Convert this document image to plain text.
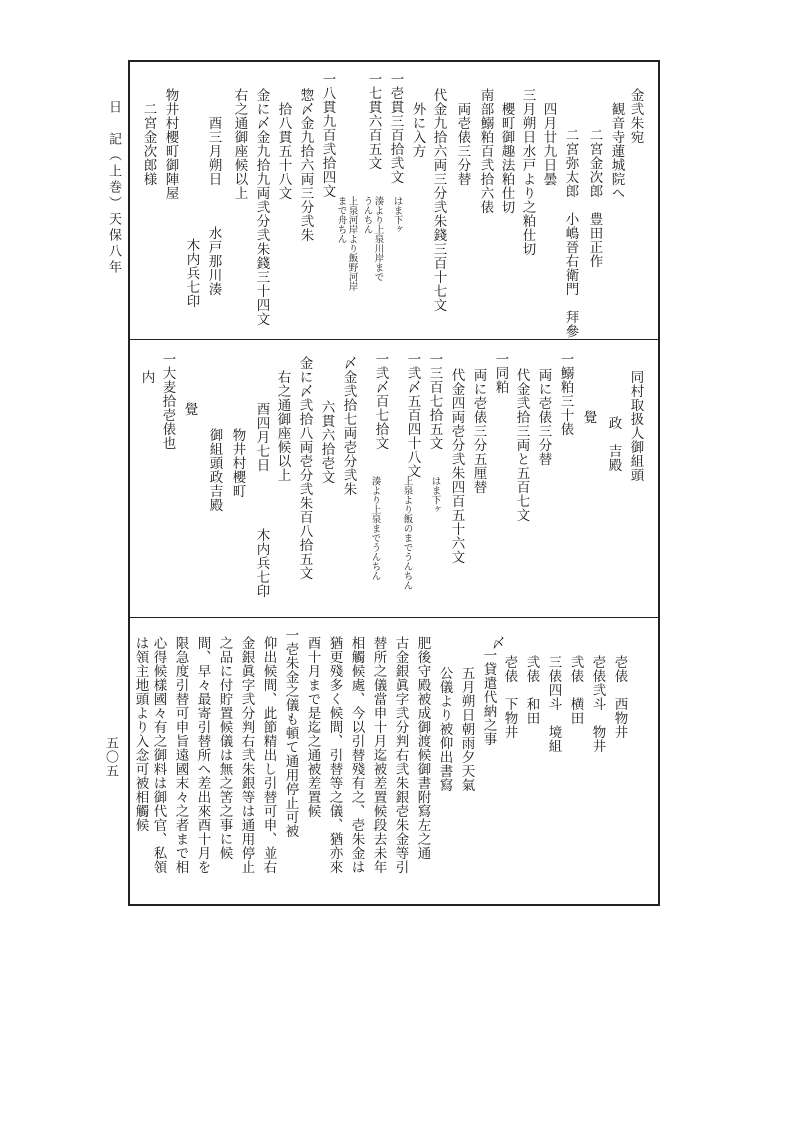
日　記（上巻）天保八年
五〇五
金弐朱宛
観音寺蓮城院へ
二宮金次郎　豊田正作
二宮弥太郎　小嶋晉右衛門　拜參
四月廿九日曇
三月朔日水戸より之粕仕切
櫻町御趣法粕仕切
南部鰯粕百弐拾六俵
両壱俵三分替
代金九拾六両三分弐朱錢三百十七文
外に入方
一壱貫三百拾弐文
はま下ヶ
湊より上泉川岸まで
うんちん
一七貫六百五文
上泉河岸より飯野河岸
まで舟ちん
一八貫九百弐拾四文
惣〆金九拾六両三分弐朱
拾八貫五十八文
金に〆金九拾九両弐分弐朱錢三十四文
右之通御座候以上
酉三月朔日
水戸那川湊
木内兵七印
物井村櫻町御陣屋
二宮金次郎様
同村取扱人御組頭
政　吉殿
覺
一鰯粕三十俵
両に壱俵三分替
代金弐拾三両と五百七文
一同粕
両に壱俵三分五厘替
代金四両壱分弐朱四百五十六文
一三百七拾五文
はま下ヶ
一弐〆五百四十八文
上泉より飯のまでうんちん
一弐〆百七拾文
湊より上泉までうんちん
〆金弐拾七両壱分弐朱
六貫六拾壱文
金に〆弐拾八両壱分弐朱百八拾五文
右之通御座候以上
酉四月七日
木内兵七印
物井村櫻町
御組頭政吉殿
覺
一大麦拾壱俵也
内
壱俵　西物井
壱俵弐斗　物井
弐俵　横田
三俵四斗　境組
弐俵　和田
壱俵　下物井
〆
一貸遣代納之事
五月朔日朝雨夕天氣
公儀より被仰出書寫
肥後守殿被成御渡候御書附寫左之通
古金銀眞字弐分判右弐朱銀壱朱金等引
替所之儀當申十月迄被差置候段去未年
相觸候處、今以引替殘有之、壱朱金は
猶更殘多く候間、引替等之儀、猶亦來
酉十月まで是迄之通被差置候
一壱朱金之儀も頓て通用停止可被
仰出候間、此節精出し引替可申、並右
金銀眞字弐分判右弐朱銀等は通用停止
之品に付貯置候儀は無之筈之事に候
間、早々最寄引替所へ差出來酉十月を
限急度引替可申旨遠國末々之者まで相
心得候樣國々有之御料は御代官、私領
は領主地頭より入念可被相觸候
